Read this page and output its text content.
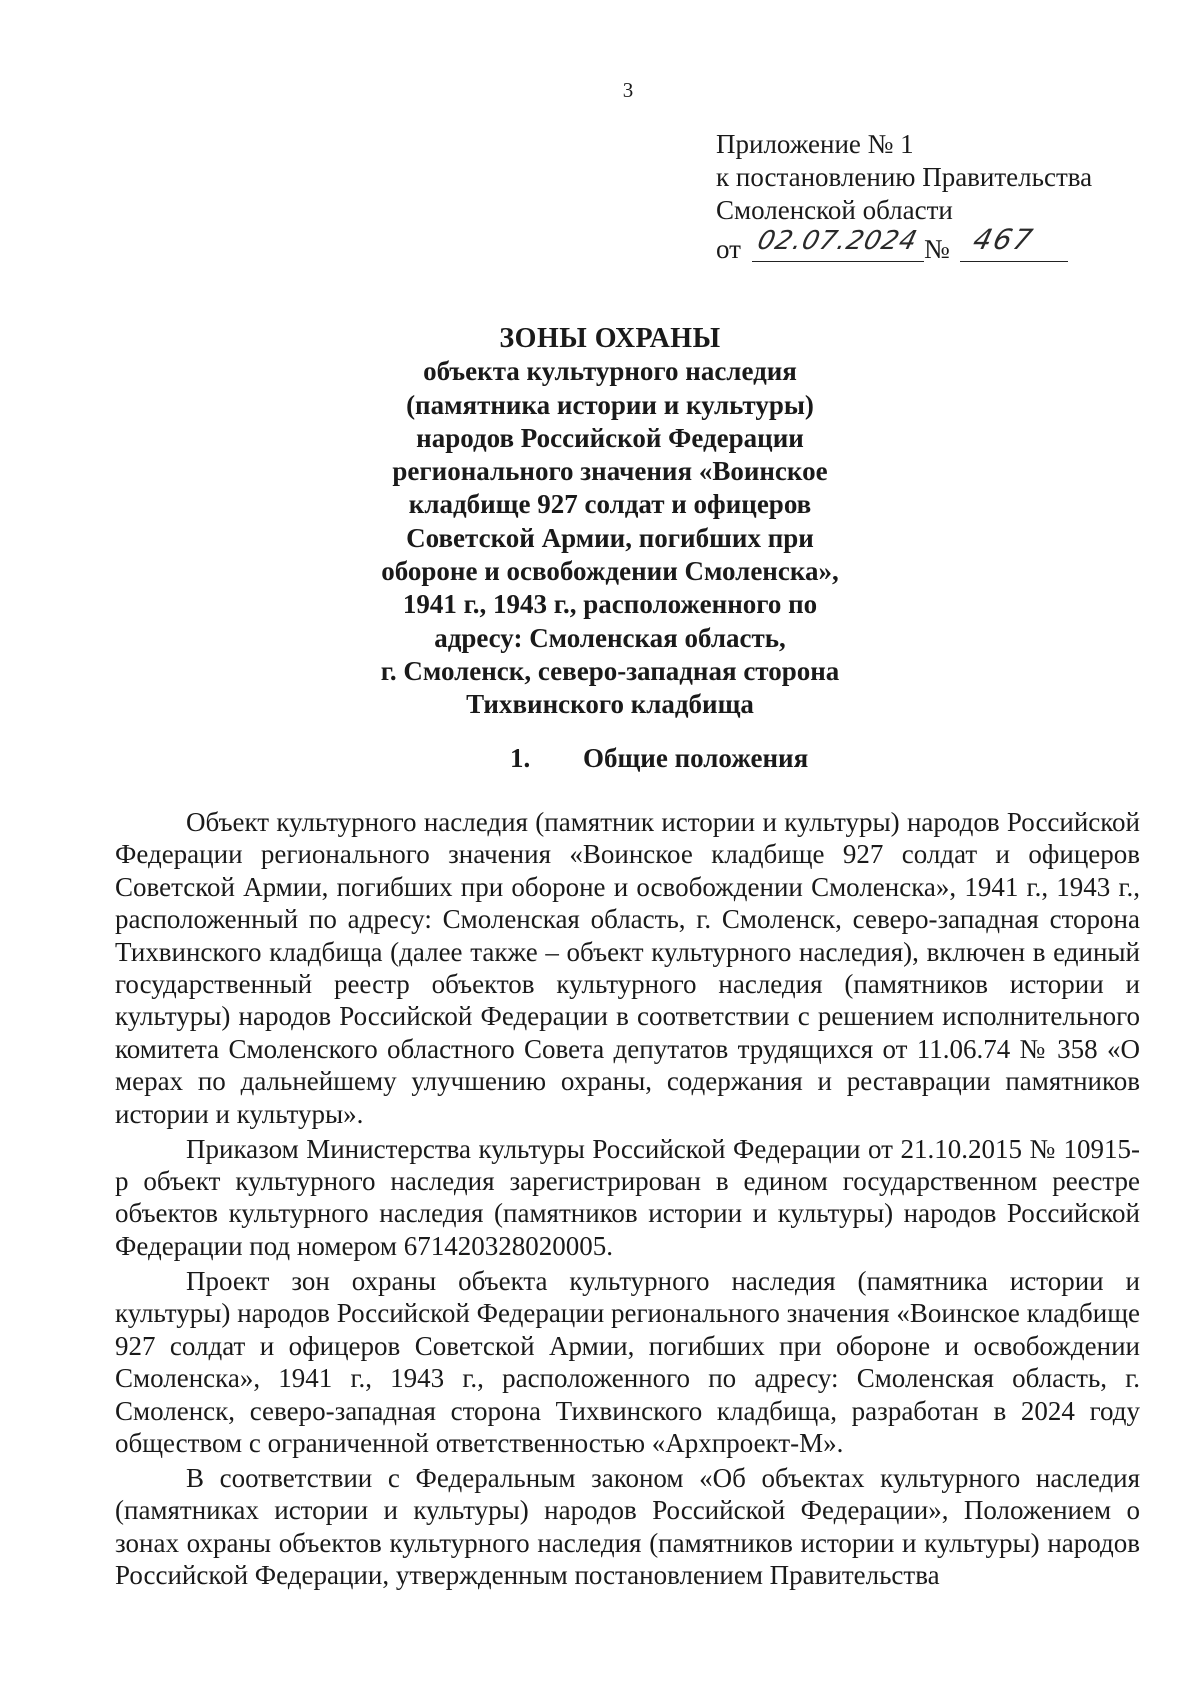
3
Приложение № 1
к постановлению Правительства
Смоленской области
от 02.07.2024 № 467
ЗОНЫ ОХРАНЫ
объекта культурного наследия
(памятника истории и культуры)
народов Российской Федерации
регионального значения «Воинское
кладбище 927 солдат и офицеров
Советской Армии, погибших при
обороне и освобождении Смоленска»,
1941 г., 1943 г., расположенного по
адресу: Смоленская область,
г. Смоленск, северо-западная сторона
Тихвинского кладбища
1. Общие положения

Объект культурного наследия (памятник истории и культуры) народов Российской Федерации регионального значения «Воинское кладбище 927 солдат и офицеров Советской Армии, погибших при обороне и освобождении Смоленска», 1941 г., 1943 г., расположенный по адресу: Смоленская область, г. Смоленск, северо-западная сторона Тихвинского кладбища (далее также – объект культурного наследия), включен в единый государственный реестр объектов культурного наследия (памятников истории и культуры) народов Российской Федерации в соответствии с решением исполнительного комитета Смоленского областного Совета депутатов трудящихся от 11.06.74 № 358 «О мерах по дальнейшему улучшению охраны, содержания и реставрации памятников истории и культуры».

Приказом Министерства культуры Российской Федерации от 21.10.2015 № 10915-р объект культурного наследия зарегистрирован в едином государственном реестре объектов культурного наследия (памятников истории и культуры) народов Российской Федерации под номером 671420328020005.

Проект зон охраны объекта культурного наследия (памятника истории и культуры) народов Российской Федерации регионального значения «Воинское кладбище 927 солдат и офицеров Советской Армии, погибших при обороне и освобождении Смоленска», 1941 г., 1943 г., расположенного по адресу: Смоленская область, г. Смоленск, северо-западная сторона Тихвинского кладбища, разработан в 2024 году обществом с ограниченной ответственностью «Архпроект-М».

В соответствии с Федеральным законом «Об объектах культурного наследия (памятниках истории и культуры) народов Российской Федерации», Положением о зонах охраны объектов культурного наследия (памятников истории и культуры) народов Российской Федерации, утвержденным постановлением Правительства
